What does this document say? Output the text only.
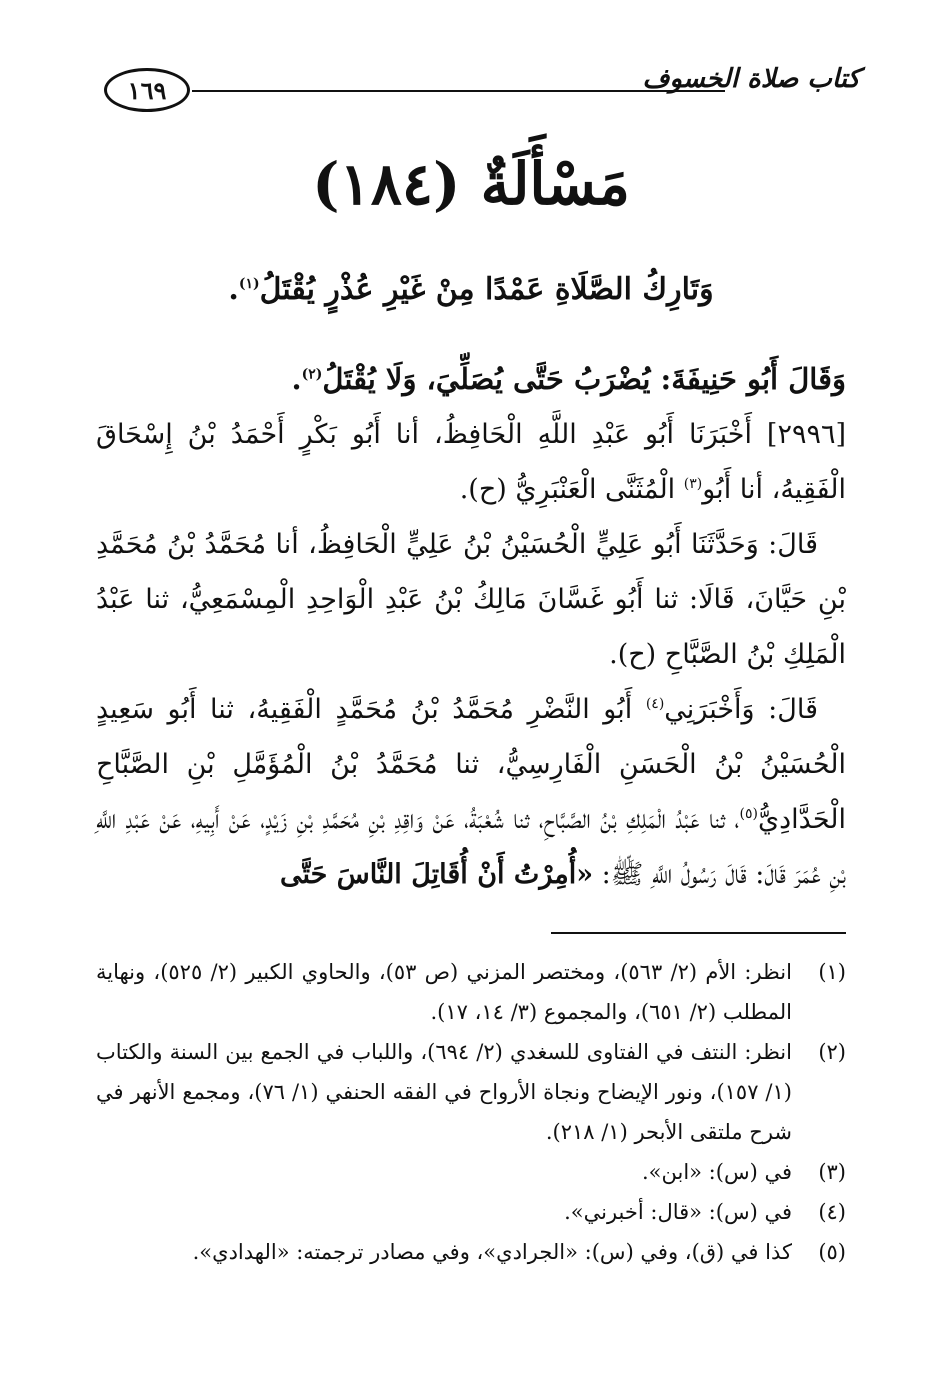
١٦٩	كتاب صلاة الخسوف
مَسْأَلَةٌ (١٨٤)
وَتَارِكُ الصَّلَاةِ عَمْدًا مِنْ غَيْرِ عُذْرٍ يُقْتَلُ$^{(١)}$.

وَقَالَ أَبُو حَنِيفَةَ: يُضْرَبُ حَتَّى يُصَلِّيَ، وَلَا يُقْتَلُ$^{(٢)}$.

[٢٩٩٦] أَخْبَرَنَا أَبُو عَبْدِ اللَّهِ الْحَافِظُ، أنا أَبُو بَكْرٍ أَحْمَدُ بْنُ إِسْحَاقَ الْفَقِيهُ، أنا أَبُو$^{(٣)}$ الْمُثَنَّى الْعَنْبَرِيُّ (ح).

قَالَ: وَحَدَّثَنَا أَبُو عَلِيٍّ الْحُسَيْنُ بْنُ عَلِيٍّ الْحَافِظُ، أنا مُحَمَّدُ بْنُ مُحَمَّدِ بْنِ حَيَّانَ، قَالَا: ثنا أَبُو غَسَّانَ مَالِكُ بْنُ عَبْدِ الْوَاحِدِ الْمِسْمَعِيُّ، ثنا عَبْدُ الْمَلِكِ بْنُ الصَّبَّاحِ (ح).

قَالَ: وَأَخْبَرَنِي$^{(٤)}$ أَبُو النَّضْرِ مُحَمَّدُ بْنُ مُحَمَّدٍ الْفَقِيهُ، ثنا أَبُو سَعِيدٍ الْحُسَيْنُ بْنُ الْحَسَنِ الْفَارِسِيُّ، ثنا مُحَمَّدُ بْنُ الْمُؤَمَّلِ بْنِ الصَّبَّاحِ الْحَدَّادِيُّ$^{(٥)}$، ثنا عَبْدُ الْمَلِكِ بْنُ الصَّبَّاحِ، ثنا شُعْبَةُ، عَنْ وَاقِدِ بْنِ مُحَمَّدِ بْنِ زَيْدٍ، عَنْ أَبِيهِ، عَنْ عَبْدِ اللَّهِ بْنِ عُمَرَ قَالَ: قَالَ رَسُولُ اللَّهِ ﷺ: «أُمِرْتُ أَنْ أُقَاتِلَ النَّاسَ حَتَّى

(١)
انظر: الأم (٢/ ٥٦٣)، ومختصر المزني (ص ٥٣)، والحاوي الكبير (٢/ ٥٢٥)، ونهاية المطلب (٢/ ٦٥١)، والمجموع (٣/ ١٤، ١٧).
(٢)
انظر: النتف في الفتاوى للسغدي (٢/ ٦٩٤)، واللباب في الجمع بين السنة والكتاب (١/ ١٥٧)، ونور الإيضاح ونجاة الأرواح في الفقه الحنفي (١/ ٧٦)، ومجمع الأنهر في شرح ملتقى الأبحر (١/ ٢١٨).
(٣)
في (س): «ابن».
(٤)
في (س): «قال: أخبرني».
(٥)
كذا في (ق)، وفي (س): «الجرادي»، وفي مصادر ترجمته: «الهدادي».
